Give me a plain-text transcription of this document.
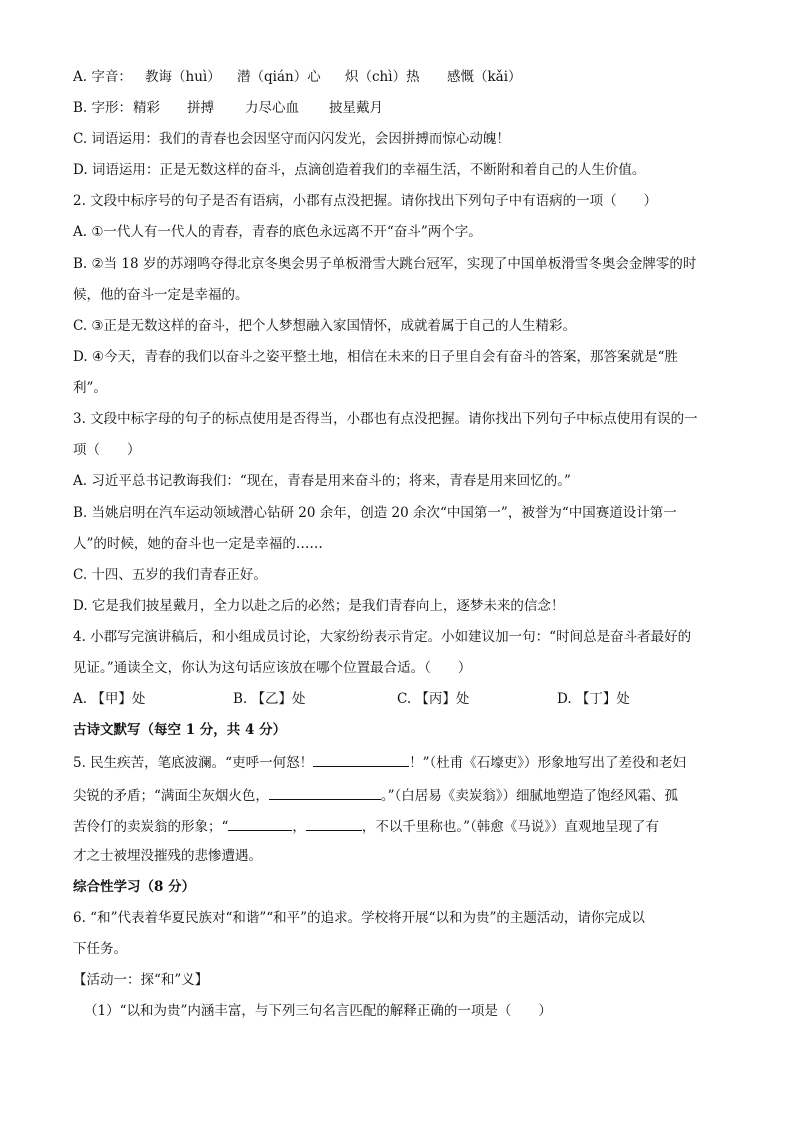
A. 字音： 教诲（huì） 潜（qián）心 炽（chì）热 感慨（kǎi）
B. 字形：精彩 拼搏 力尽心血 披星戴月
C. 词语运用：我们的青春也会因坚守而闪闪发光，会因拼搏而惊心动魄！
D. 词语运用：正是无数这样的奋斗，点滴创造着我们的幸福生活，不断附和着自己的人生价值。
2. 文段中标序号的句子是否有语病，小郡有点没把握。请你找出下列句子中有语病的一项（　　）
A. ①一代人有一代人的青春，青春的底色永远离不开“奋斗”两个字。
B. ②当 18 岁的苏翊鸣夺得北京冬奥会男子单板滑雪大跳台冠军，实现了中国单板滑雪冬奥会金牌零的时
候，他的奋斗一定是幸福的。
C. ③正是无数这样的奋斗，把个人梦想融入家国情怀，成就着属于自己的人生精彩。
D. ④今天，青春的我们以奋斗之姿平整土地，相信在未来的日子里自会有奋斗的答案，那答案就是“胜
利”。
3. 文段中标字母的句子的标点使用是否得当，小郡也有点没把握。请你找出下列句子中标点使用有误的一
项（　　）
A. 习近平总书记教诲我们：“现在，青春是用来奋斗的；将来，青春是用来回忆的。”
B. 当姚启明在汽车运动领域潜心钻研 20 余年，创造 20 余次“中国第一”，被誉为“中国赛道设计第一
人”的时候，她的奋斗也一定是幸福的……
C. 十四、五岁的我们青春正好。
D. 它是我们披星戴月，全力以赴之后的必然；是我们青春向上，逐梦未来的信念！
4. 小郡写完演讲稿后，和小组成员讨论，大家纷纷表示肯定。小如建议加一句：“时间总是奋斗者最好的
见证。”通读全文，你认为这句话应该放在哪个位置最合适。（　　）
A. 【甲】处	B. 【乙】处	C. 【丙】处	D. 【丁】处
古诗文默写（每空 1 分，共 4 分）
5. 民生疾苦，笔底波澜。“吏呼一何怒！	！”（杜甫《石壕吏》）形象地写出了差役和老妇
尖锐的矛盾；“满面尘灰烟火色，	。”（白居易《卖炭翁》）细腻地塑造了饱经风霜、孤
苦伶仃的卖炭翁的形象；“	，	，不以千里称也。”（韩愈《马说》）直观地呈现了有
才之士被埋没摧残的悲惨遭遇。
综合性学习（8 分）
6. “和”代表着华夏民族对“和谐”“和平”的追求。学校将开展“以和为贵”的主题活动，请你完成以
下任务。
【活动一：探“和”义】
（1）“以和为贵”内涵丰富，与下列三句名言匹配的解释正确的一项是（　　）
